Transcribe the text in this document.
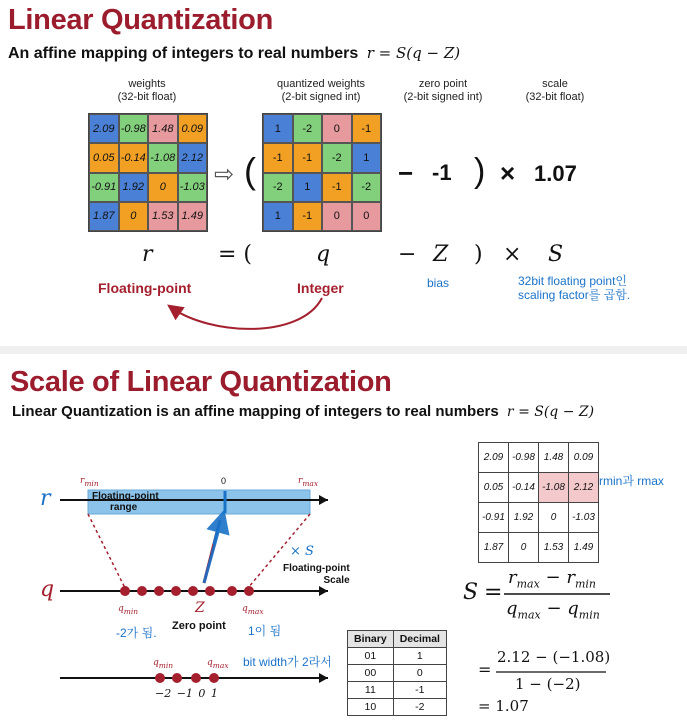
Linear Quantization
An affine mapping of integers to real numbers r = S(q − Z)
weights
(32-bit float)
quantized weights
(2-bit signed int)
zero point
(2-bit signed int)
scale
(32-bit float)
2.09 -0.98 1.48 0.09
0.05 -0.14 -1.08 2.12
-0.91 1.92	0	-1.03
1.87	0	1.53 1.49
⇨ (
1	-2	0	-1
-1	-1	-2	1
-2	1	-1	-2
1	-1	0	0
− -1 ) × 1.07
r	= (	q	− Z ) × S
Floating-point	Integer	bias	32bit floating point인
scaling factor를 곱함.
Scale of Linear Quantization
Linear Quantization is an affine mapping of integers to real numbers r = S(q − Z)
r
q
$r_{min}$	0	$r_{max}$
Floating-point
range
× S
Floating-point
Scale
$q_{min}$	Z	$q_{max}$
-2가 됨. Zero point 1이 됨
bit width가 2라서
$q_{min}$	$q_{max}$
−2 −1 0 1
2.09	-0.98	1.48	0.09
0.05	-0.14	-1.08	2.12
-0.91	1.92	0	-1.03
1.87	0	1.53	1.49
rmin과 rmax
Binary	Decimal
01	1
00	0
11	-1
10	-2
S =
$r_{max} - r_{min}$
$q_{max} - q_{min}$
=
2.12 − (−1.08)
1 − (−2)
= 1.07
